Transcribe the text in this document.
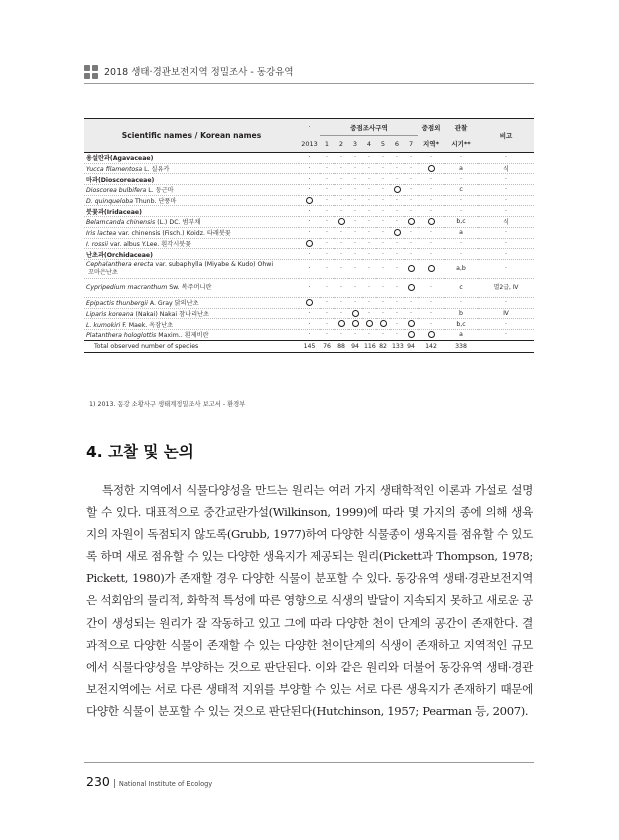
2018 생태·경관보전지역 정밀조사 - 동강유역
Scientific names / Korean names	·	중점조사구역							중점외	관찰	비고
	2013	1	2	3	4	5	6	7	지역*	시기**	
용설란과(Agavaceae)	·	·	·	·	·	·	·	·	·	·	·
Yucca filamentosa L. 실유카	·	·	·	·	·	·	·	·		a	식
마과(Dioscoreaceae)	·	·	·	·	·	·	·	·	·	·	·
Dioscorea bulbifera L. 둥근마	·	·	·	·	·	·		·	·	c	·
D. quinqueloba Thunb. 단풍마		·	·	·	·	·	·	·	·	·	·
붓꽃과(Iridaceae)	·	·	·	·	·	·	·	·	·	·	·
Belamcanda chinensis (L.) DC. 범부채	·	·		·	·	·	·			b,c	식
Iris lactea var. chinensis (Fisch.) Koidz. 타래붓꽃	·	·	·	·	·	·		·	·	a	·
I. rossii var. albus Y.Lee. 흰각시붓꽃		·	·	·	·	·	·	·	·	·	·
난초과(Orchidaceae)	·	·	·	·	·	·	·	·	·	·	·
Cephalanthera erecta var. subaphylla (Miyabe & Kudo) Ohwi
꼬마은난초	·	·	·	·	·	·	·			a,b	·
Cypripedium macranthum Sw. 복주머니란	·	·	·	·	·	·	·		·	c	멸2급, Ⅳ
Epipactis thunbergii A. Gray 닭의난초		·	·	·	·	·	·	·	·	·	·
Liparis koreana (Nakai) Nakai 참나리난초	·	·	·		·	·	·	·	·	b	Ⅳ
L. kumokiri F. Maek. 옥잠난초	·	·					·		·	b,c	·
Platanthera hologlottis Maxim.. 흰제비란	·	·	·	·	·	·	·			a	·
Total observed number of species	145	76	88	94	116	82	133	94	142	338	
1) 2013. 동강 소황사구 생태계정밀조사 보고서 - 환경부
4. 고찰 및 논의

특정한 지역에서 식물다양성을 만드는 원리는 여러 가지 생태학적인 이론과 가설로 설명할 수 있다. 대표적으로 중간교란가설(Wilkinson, 1999)에 따라 몇 가지의 종에 의해 생육지의 자원이 독점되지 않도록(Grubb, 1977)하여 다양한 식물종이 생육지를 점유할 수 있도록 하며 새로 점유할 수 있는 다양한 생육지가 제공되는 원리(Pickett과 Thompson, 1978; Pickett, 1980)가 존재할 경우 다양한 식물이 분포할 수 있다. 동강유역 생태·경관보전지역은 석회암의 물리적, 화학적 특성에 따른 영향으로 식생의 발달이 지속되지 못하고 새로운 공간이 생성되는 원리가 잘 작동하고 있고 그에 따라 다양한 천이 단계의 공간이 존재한다. 결과적으로 다양한 식물이 존재할 수 있는 다양한 천이단계의 식생이 존재하고 지역적인 규모에서 식물다양성을 부양하는 것으로 판단된다. 이와 같은 원리와 더불어 동강유역 생태·경관보전지역에는 서로 다른 생태적 지위를 부양할 수 있는 서로 다른 생육지가 존재하기 때문에 다양한 식물이 분포할 수 있는 것으로 판단된다(Hutchinson, 1957; Pearman 등, 2007).

230 | National Institute of Ecology
